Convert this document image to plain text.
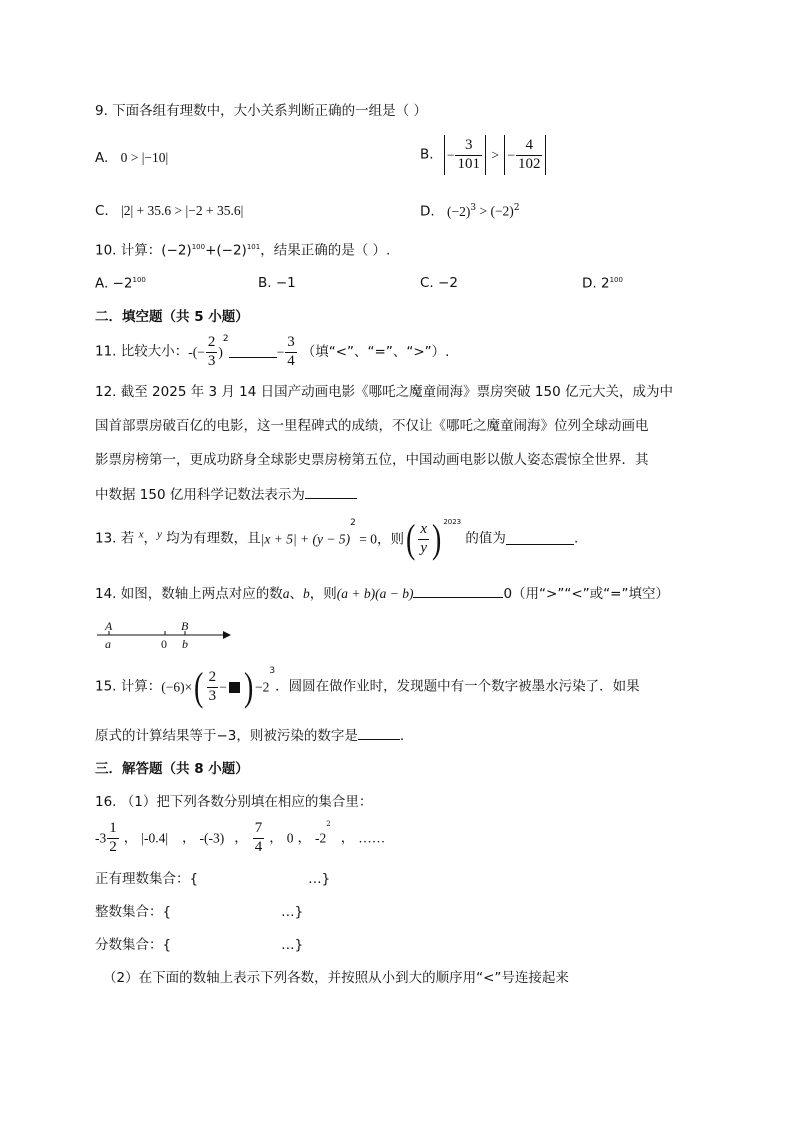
9. 下面各组有理数中，大小关系判断正确的一组是（ ）
A. 0 > |−10|	B. − $\frac{3}{101}$ > − $\frac{4}{102}$
C. |2| + 35.6 > |−2 + 35.6|	D. $(-2)^3 > (-2)^2$
10. 计算：$(-2)^{100}+(-2)^{101}$，结果正确的是（ ）.
A. $-2^{100}$	B. −1	C. −2	D. $2^{100}$
二．填空题（共 5 小题）
11. 比较大小：-(− $\frac{2}{3} )^2- \frac{3}{4}$ （填“<”、“=”、“>”）.
12. 截至 2025 年 3 月 14 日国产动画电影《哪吒之魔童闹海》票房突破 150 亿元大关，成为中
国首部票房破百亿的电影，这一里程碑式的成绩，不仅让《哪吒之魔童闹海》位列全球动画电
影票房榜第一，更成功跻身全球影史票房榜第五位，中国动画电影以傲人姿态震惊全世界．其
中数据 150 亿用科学记数法表示为
13. 若 $^x$，$^y$ 均为有理数，且$|x + 5| + (y - 5)^2 = 0$，则( $\frac{x}{y}$ ) $^{2023}$ 的值为	.
14. 如图，数轴上两点对应的数a、b，则(a + b)(a − b)	0（用“>”“<”或“=”填空）
A
a	0
B
b
15. 计算：$(-6)\times( \frac{2}{3}$ − ) $-2^3$．圆圆在做作业时，发现题中有一个数字被墨水污染了．如果
原式的计算结果等于−3，则被污染的数字是	.
三．解答题（共 8 小题）
16. （1）把下列各数分别填在相应的集合里：
$-3 \frac{1}{2}$ ， |-0.4| ， -(-3) ， $\frac{7}{4}$ ， 0 ， $-2^2$， ……
正有理数集合：{	…}
整数集合：{	…}
分数集合：{	…}
（2）在下面的数轴上表示下列各数，并按照从小到大的顺序用“<”号连接起来
